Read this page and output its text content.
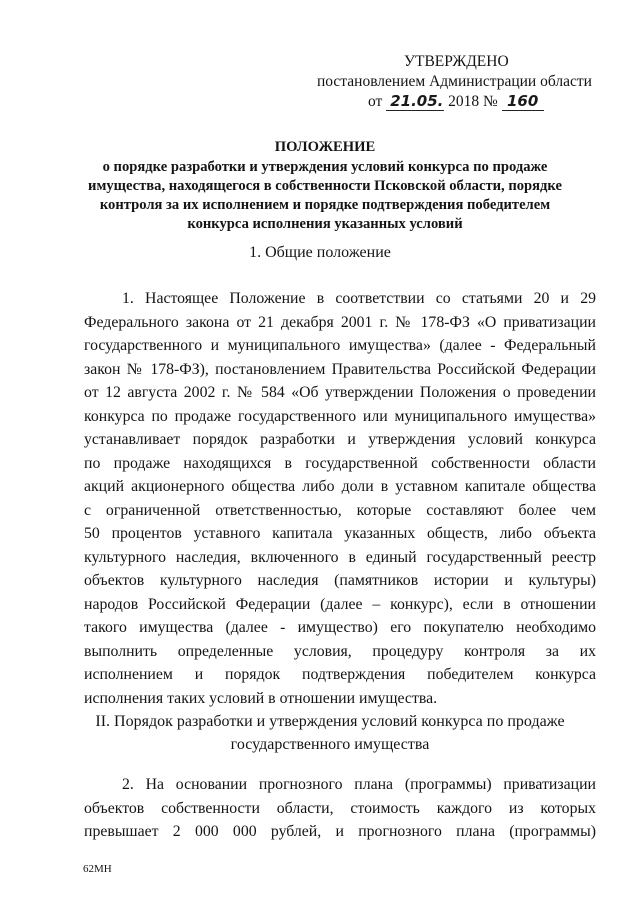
УТВЕРЖДЕНО
постановлением Администрации области
от 21.05. 2018 № 160
ПОЛОЖЕНИЕ
о порядке разработки и утверждения условий конкурса по продаже
имущества, находящегося в собственности Псковской области, порядке
контроля за их исполнением и порядке подтверждения победителем
конкурса исполнения указанных условий
1. Общие положение
1. Настоящее Положение в соответствии со статьями 20 и 29
Федерального закона от 21 декабря 2001 г. № 178-ФЗ «О приватизации
государственного и муниципального имущества» (далее - Федеральный
закон № 178-ФЗ), постановлением Правительства Российской Федерации
от 12 августа 2002 г. № 584 «Об утверждении Положения о проведении
конкурса по продаже государственного или муниципального имущества»
устанавливает порядок разработки и утверждения условий конкурса
по продаже находящихся в государственной собственности области
акций акционерного общества либо доли в уставном капитале общества
с ограниченной ответственностью, которые составляют более чем
50 процентов уставного капитала указанных обществ, либо объекта
культурного наследия, включенного в единый государственный реестр
объектов культурного наследия (памятников истории и культуры)
народов Российской Федерации (далее – конкурс), если в отношении
такого имущества (далее - имущество) его покупателю необходимо
выполнить определенные условия, процедуру контроля за их
исполнением и порядок подтверждения победителем конкурса
исполнения таких условий в отношении имущества.
II. Порядок разработки и утверждения условий конкурса по продаже
государственного имущества
2. На основании прогнозного плана (программы) приватизации
объектов собственности области, стоимость каждого из которых
превышает 2 000 000 рублей, и прогнозного плана (программы)
62МН
